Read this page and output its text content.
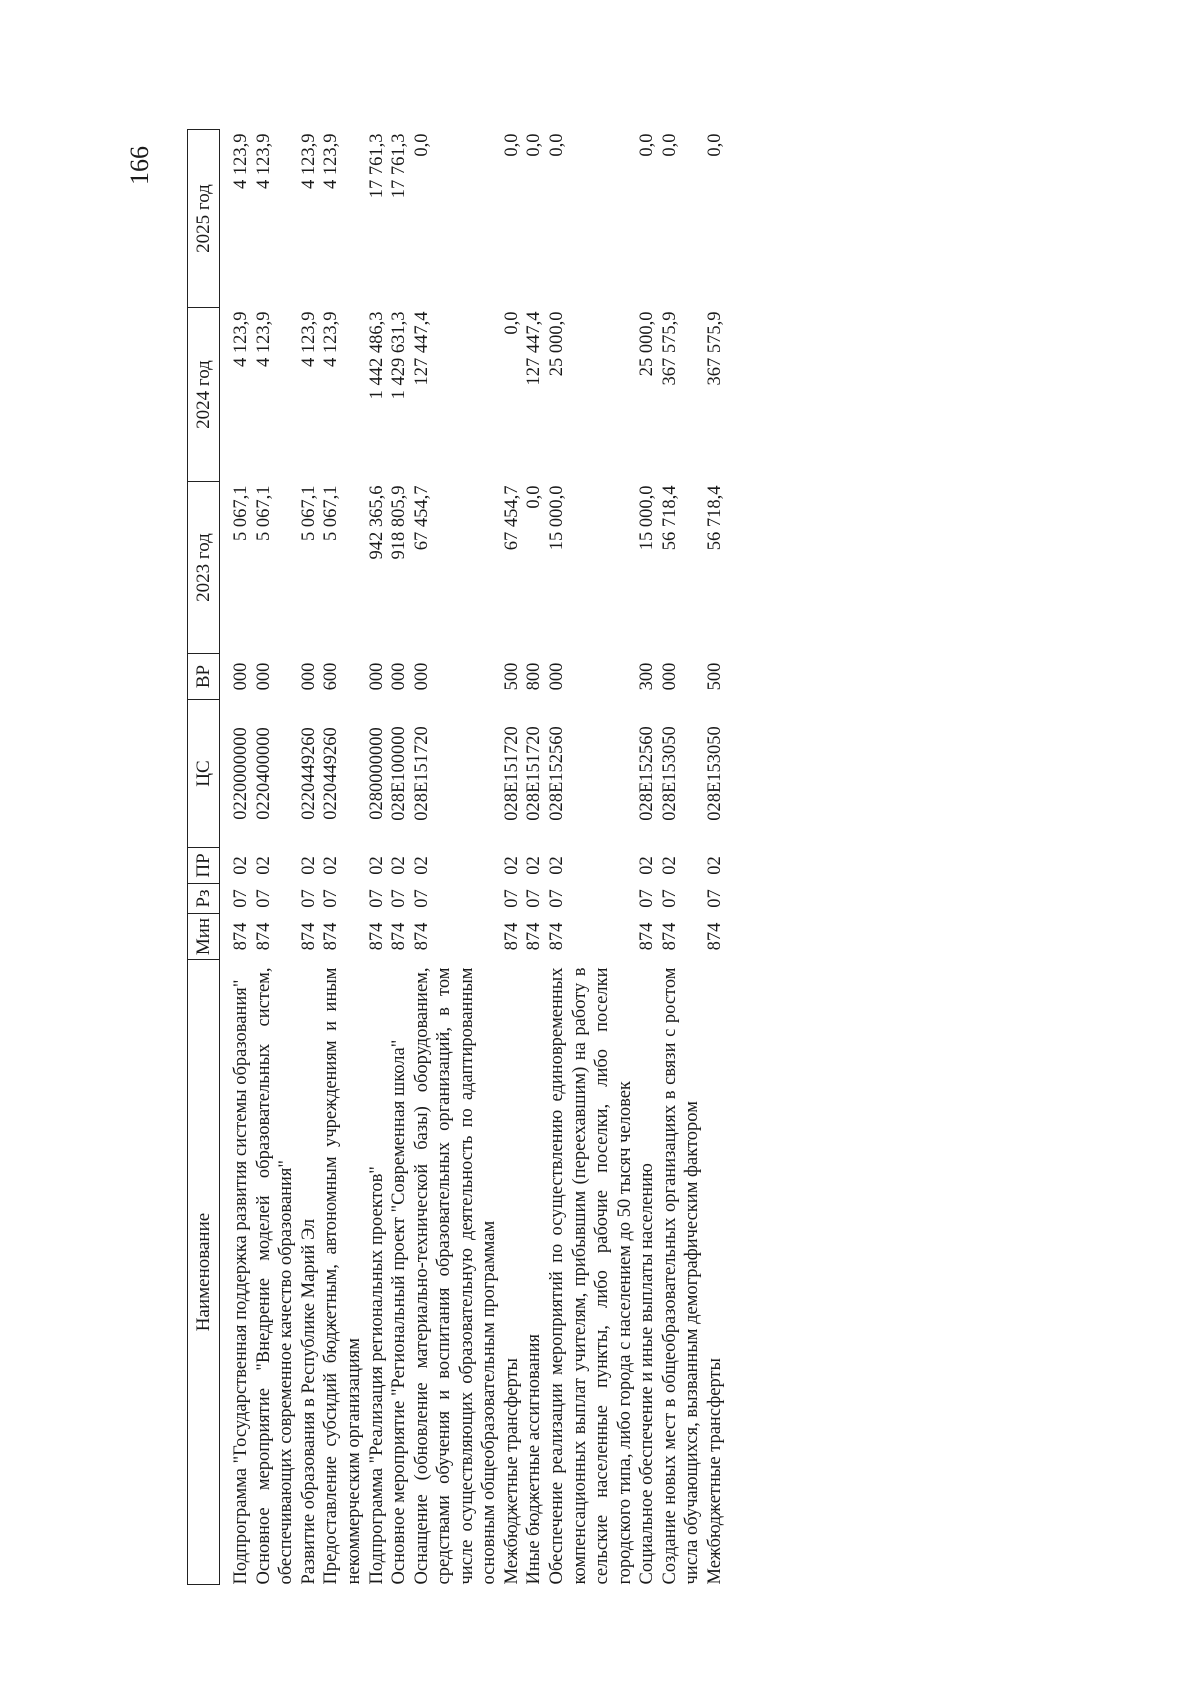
166
Наименование	Мин	Рз	ПР	ЦС	ВР	2023 год	2024 год	2025 год
Подпрограмма "Государственная поддержка развития системы образования"	874	07	02	0220000000	000	5 067,1	4 123,9	4 123,9
Основное мероприятие "Внедрение моделей образовательных систем, обеспечивающих современное качество образования"	874	07	02	0220400000	000	5 067,1	4 123,9	4 123,9
Развитие образования в Республике Марий Эл	874	07	02	0220449260	000	5 067,1	4 123,9	4 123,9
Предоставление субсидий бюджетным, автономным учреждениям и иным некоммерческим организациям	874	07	02	0220449260	600	5 067,1	4 123,9	4 123,9
Подпрограмма "Реализация региональных проектов"	874	07	02	0280000000	000	942 365,6	1 442 486,3	17 761,3
Основное мероприятие "Региональный проект "Современная школа"	874	07	02	028E100000	000	918 805,9	1 429 631,3	17 761,3
Оснащение (обновление материально-технической базы) оборудованием, средствами обучения и воспитания образовательных организаций, в том числе осуществляющих образовательную деятельность по адаптированным основным общеобразовательным программам	874	07	02	028E151720	000	67 454,7	127 447,4	0,0
Межбюджетные трансферты	874	07	02	028E151720	500	67 454,7	0,0	0,0
Иные бюджетные ассигнования	874	07	02	028E151720	800	0,0	127 447,4	0,0
Обеспечение реализации мероприятий по осуществлению единовременных компенсационных выплат учителям, прибывшим (переехавшим) на работу в сельские населенные пункты, либо рабочие поселки, либо поселки городского типа, либо города с населением до 50 тысяч человек	874	07	02	028E152560	000	15 000,0	25 000,0	0,0
Социальное обеспечение и иные выплаты населению	874	07	02	028E152560	300	15 000,0	25 000,0	0,0
Создание новых мест в общеобразовательных организациях в связи с ростом числа обучающихся, вызванным демографическим фактором	874	07	02	028E153050	000	56 718,4	367 575,9	0,0
Межбюджетные трансферты	874	07	02	028E153050	500	56 718,4	367 575,9	0,0
